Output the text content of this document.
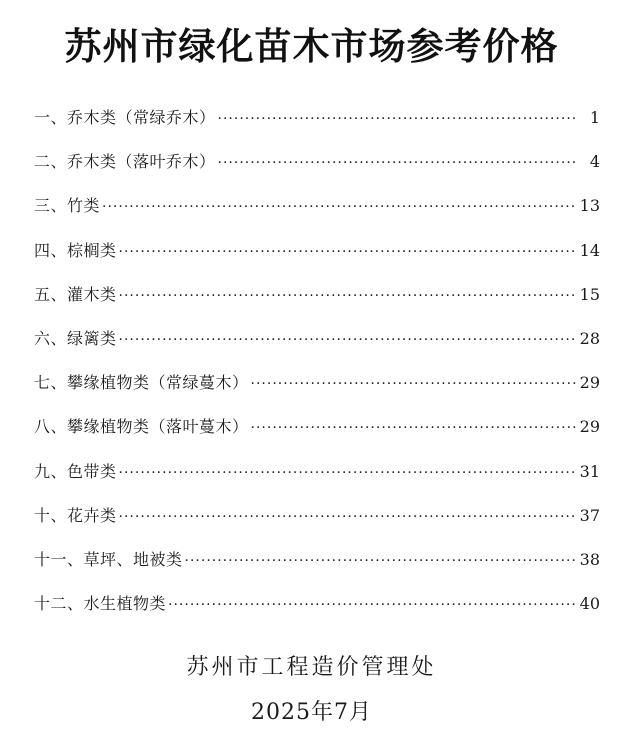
苏州市绿化苗木市场参考价格
一、乔木类（常绿乔木） ·····	1
二、乔木类（落叶乔木） ·····	4
三、竹类 ·····	13
四、棕榈类 ·····	14
五、灌木类 ·····	15
六、绿篱类 ·····	28
七、攀缘植物类（常绿蔓木） ·····	29
八、攀缘植物类（落叶蔓木） ·····	29
九、色带类 ·····	31
十、花卉类 ·····	37
十一、草坪、地被类 ·····	38
十二、水生植物类 ·····	40

苏州市工程造价管理处

2025年7月
